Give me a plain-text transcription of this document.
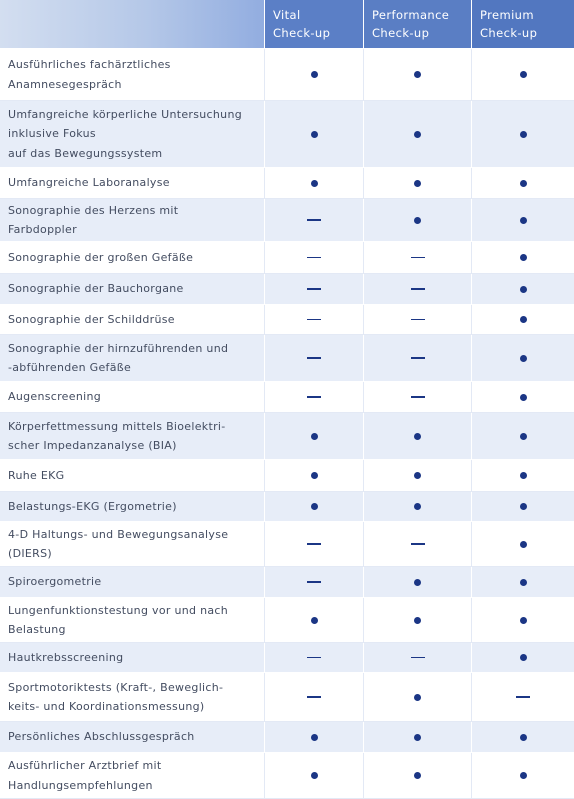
Vital
Check-up
Performance
Check-up
Premium
Check-up
Ausführliches fachärztliches
Anamnesegespräch
Umfangreiche körperliche Untersuchung
inklusive Fokus
auf das Bewegungssystem
Umfangreiche Laboranalyse
Sonographie des Herzens mit
Farbdoppler
Sonographie der großen Gefäße
Sonographie der Bauchorgane
Sonographie der Schilddrüse
Sonographie der hirnzuführenden und
-abführenden Gefäße
Augenscreening
Körperfettmessung mittels Bioelektri-
scher Impedanzanalyse (BIA)
Ruhe EKG
Belastungs-EKG (Ergometrie)
4-D Haltungs- und Bewegungsanalyse
(DIERS)
Spiroergometrie
Lungenfunktionstestung vor und nach
Belastung
Hautkrebsscreening
Sportmotoriktests (Kraft-, Beweglich-
keits- und Koordinationsmessung)
Persönliches Abschlussgespräch
Ausführlicher Arztbrief mit
Handlungsempfehlungen
